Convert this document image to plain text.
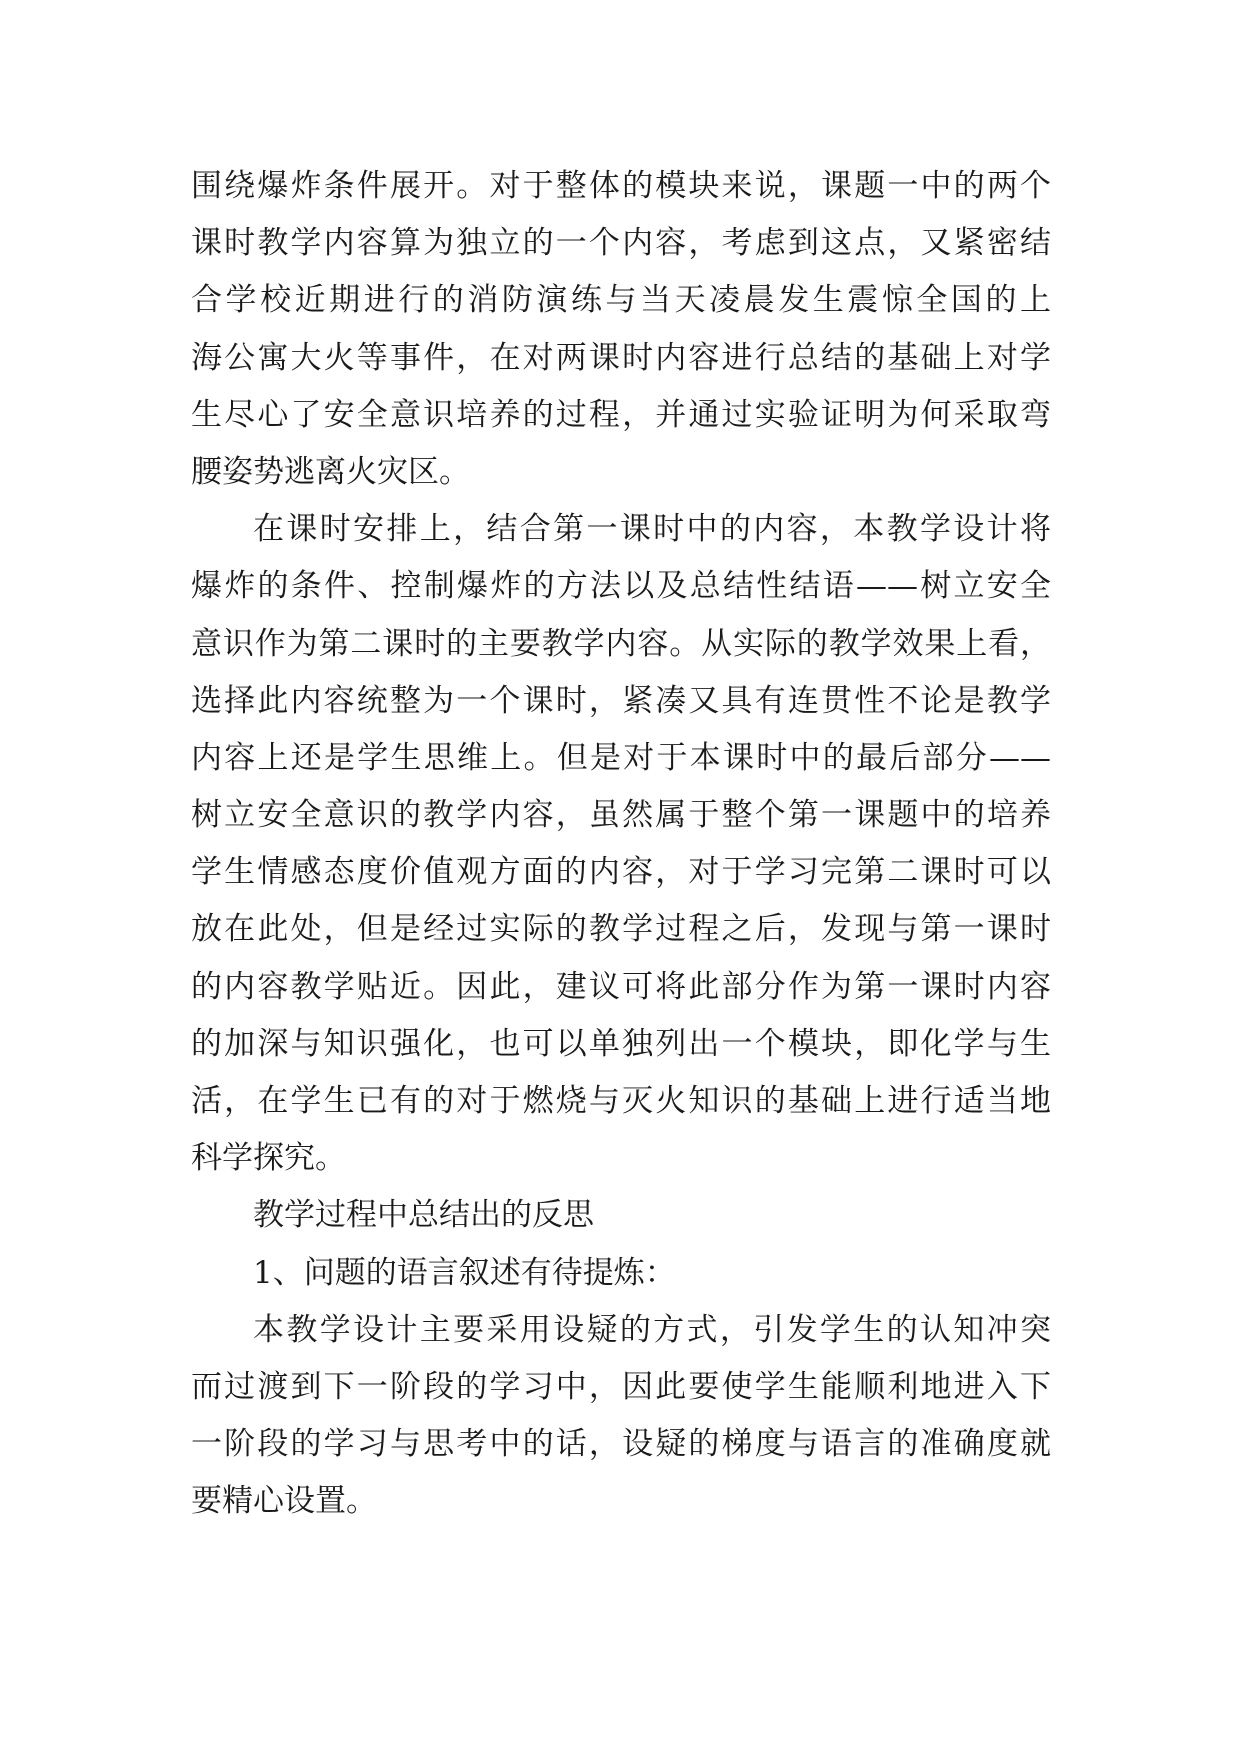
围绕爆炸条件展开。对于整体的模块来说，课题一中的两个
课时教学内容算为独立的一个内容，考虑到这点，又紧密结
合学校近期进行的消防演练与当天凌晨发生震惊全国的上
海公寓大火等事件，在对两课时内容进行总结的基础上对学
生尽心了安全意识培养的过程，并通过实验证明为何采取弯
腰姿势逃离火灾区。
在课时安排上，结合第一课时中的内容，本教学设计将
爆炸的条件、控制爆炸的方法以及总结性结语——树立安全
意识作为第二课时的主要教学内容。从实际的教学效果上看，
选择此内容统整为一个课时，紧凑又具有连贯性不论是教学
内容上还是学生思维上。但是对于本课时中的最后部分——
树立安全意识的教学内容，虽然属于整个第一课题中的培养
学生情感态度价值观方面的内容，对于学习完第二课时可以
放在此处，但是经过实际的教学过程之后，发现与第一课时
的内容教学贴近。因此，建议可将此部分作为第一课时内容
的加深与知识强化，也可以单独列出一个模块，即化学与生
活，在学生已有的对于燃烧与灭火知识的基础上进行适当地
科学探究。
教学过程中总结出的反思
1、问题的语言叙述有待提炼：
本教学设计主要采用设疑的方式，引发学生的认知冲突
而过渡到下一阶段的学习中，因此要使学生能顺利地进入下
一阶段的学习与思考中的话，设疑的梯度与语言的准确度就
要精心设置。
